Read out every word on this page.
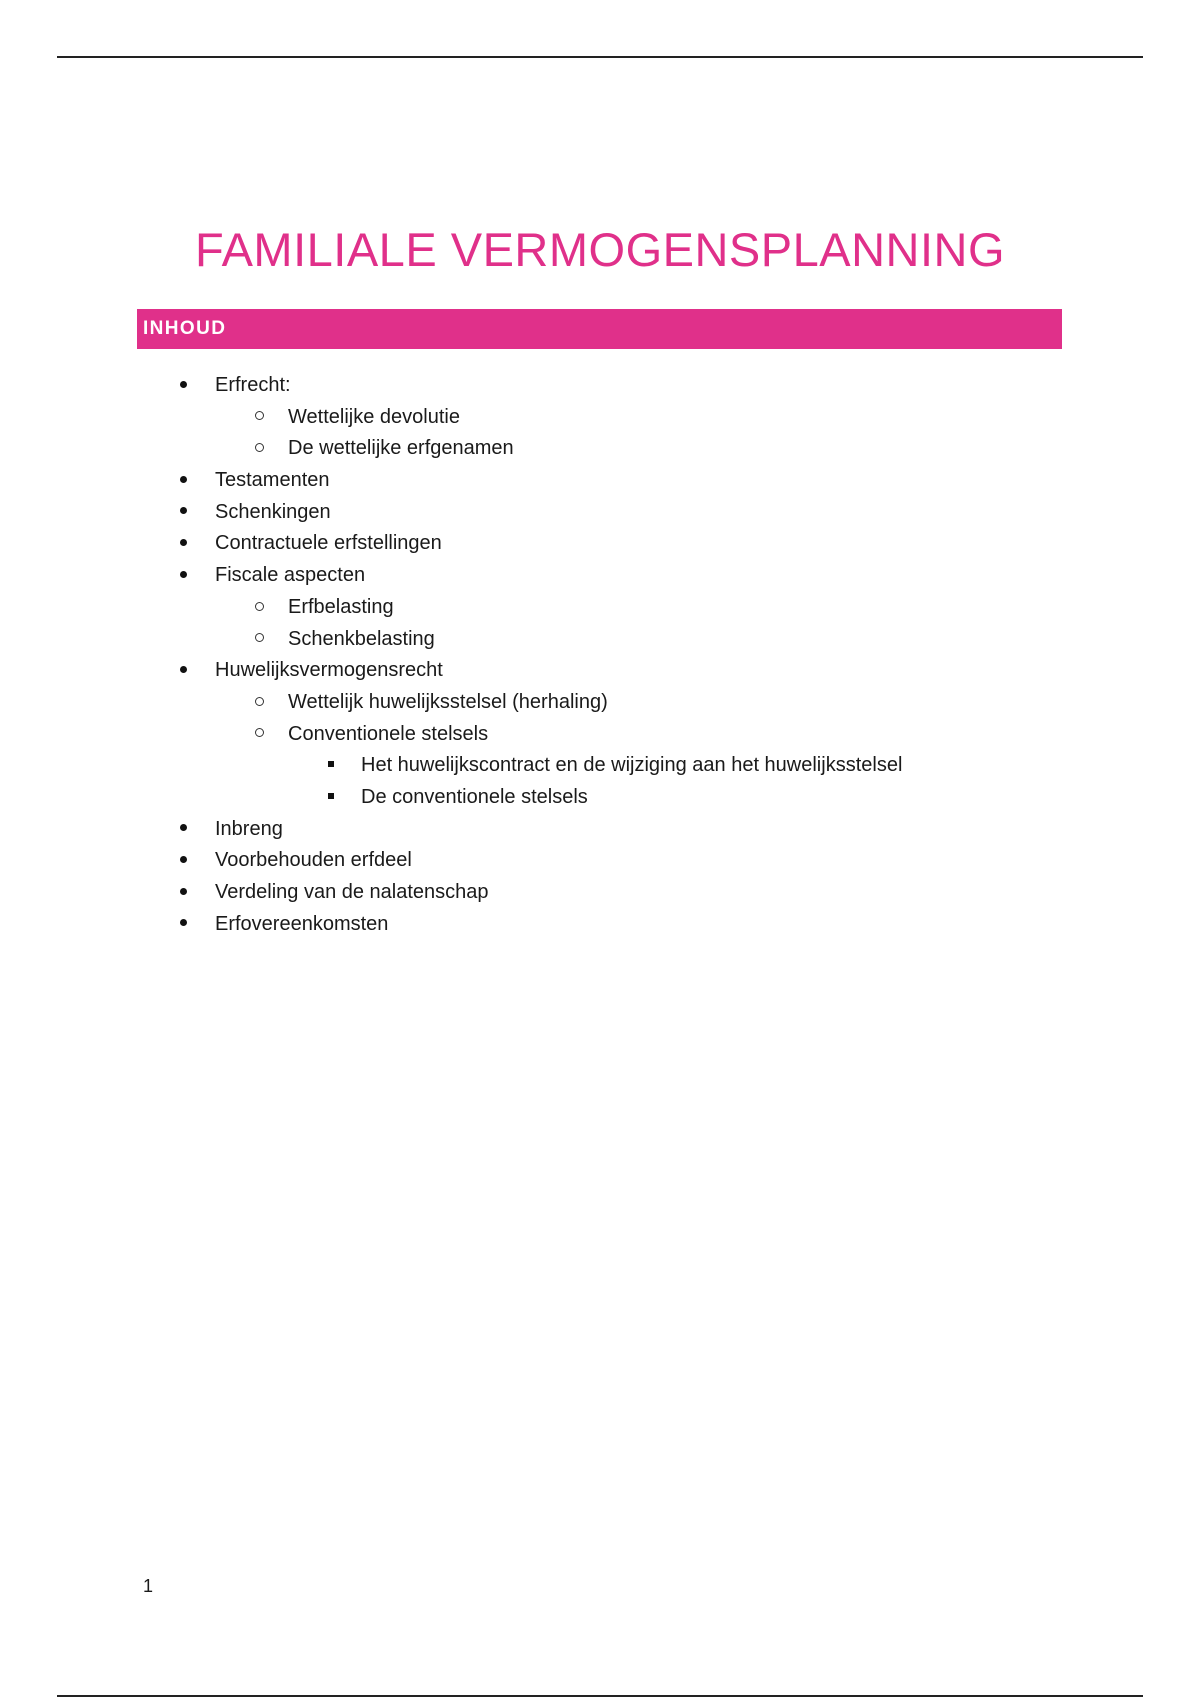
FAMILIALE VERMOGENSPLANNING
INHOUD
Erfrecht:
Wettelijke devolutie
De wettelijke erfgenamen
Testamenten
Schenkingen
Contractuele erfstellingen
Fiscale aspecten
Erfbelasting
Schenkbelasting
Huwelijksvermogensrecht
Wettelijk huwelijksstelsel (herhaling)
Conventionele stelsels
Het huwelijkscontract en de wijziging aan het huwelijksstelsel
De conventionele stelsels
Inbreng
Voorbehouden erfdeel
Verdeling van de nalatenschap
Erfovereenkomsten
1
